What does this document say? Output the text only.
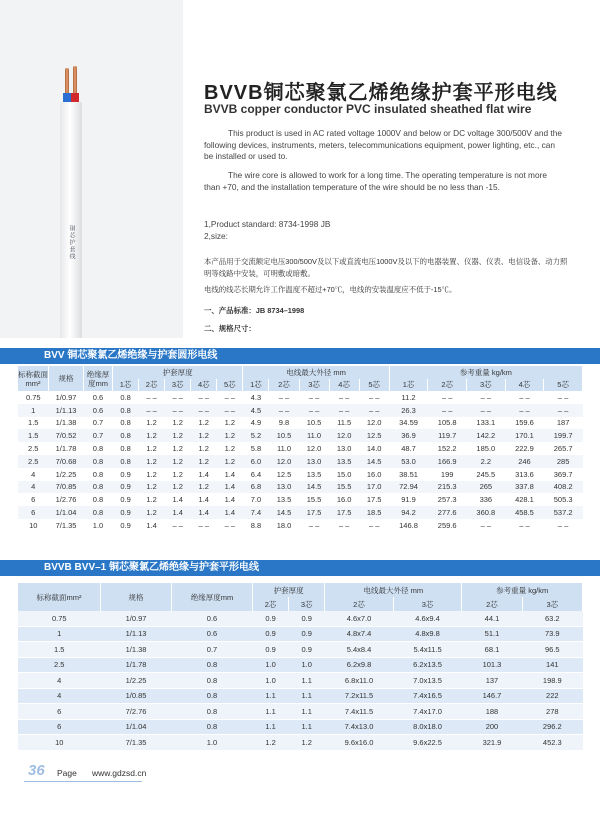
铜芯护套线
BVVB铜芯聚氯乙烯绝缘护套平形电线
BVVB copper conductor PVC insulated sheathed flat wire
This product is used in AC rated voltage 1000V and below or DC voltage 300/500V and the following devices, instruments, meters, telecommunications equipment, power lighting, etc., can be installed or used to.
The wire core is allowed to work for a long time. The operating temperature is not more than +70, and the installation temperature of the wire should be no less than -15.
1,Product standard: 8734-1998 JB
2,size:
本产品用于交流额定电压300/500V及以下或直流电压1000V及以下的电器装置、仪器、仪表、电信设备、动力照明等线路中安装，可明敷或暗敷。
电线的线芯长期允许工作温度不超过+70℃，电线的安装温度应不低于-15℃。
一、产品标准：JB 8734–1998
二、规格尺寸：
BVV 铜芯聚氯乙烯绝缘与护套圆形电线
标称截面mm²	规格	绝缘厚度mm	护套厚度					电线最大外径 mm					参考重量 kg/km				
			1芯	2芯	3芯	4芯	5芯	1芯	2芯	3芯	4芯	5芯	1芯	2芯	3芯	4芯	5芯
0.75	1/0.97	0.6	0.8	– –	– –	– –	– –	4.3	– –	– –	– –	– –	11.2	– –	– –	– –	– –
1	1/1.13	0.6	0.8	– –	– –	– –	– –	4.5	– –	– –	– –	– –	26.3	– –	– –	– –	– –
1.5	1/1.38	0.7	0.8	1.2	1.2	1.2	1.2	4.9	9.8	10.5	11.5	12.0	34.59	105.8	133.1	159.6	187
1.5	7/0.52	0.7	0.8	1.2	1.2	1.2	1.2	5.2	10.5	11.0	12.0	12.5	36.9	119.7	142.2	170.1	199.7
2.5	1/1.78	0.8	0.8	1.2	1.2	1.2	1.2	5.8	11.0	12.0	13.0	14.0	48.7	152.2	185.0	222.9	265.7
2.5	7/0.68	0.8	0.8	1.2	1.2	1.2	1.2	6.0	12.0	13.0	13.5	14.5	53.0	166.9	2.2	246	285
4	1/2.25	0.8	0.9	1.2	1.2	1.4	1.4	6.4	12.5	13.5	15.0	16.0	38.51	199	245.5	313.6	369.7
4	7/0.85	0.8	0.9	1.2	1.2	1.2	1.4	6.8	13.0	14.5	15.5	17.0	72.94	215.3	265	337.8	408.2
6	1/2.76	0.8	0.9	1.2	1.4	1.4	1.4	7.0	13.5	15.5	16.0	17.5	91.9	257.3	336	428.1	505.3
6	1/1.04	0.8	0.9	1.2	1.4	1.4	1.4	7.4	14.5	17.5	17.5	18.5	94.2	277.6	360.8	458.5	537.2
10	7/1.35	1.0	0.9	1.4	– –	– –	– –	8.8	18.0	– –	– –	– –	146.8	259.6	– –	– –	– –
BVVB BVV–1 铜芯聚氯乙烯绝缘与护套平形电线
标称截面mm²	规格	绝缘厚度mm	护套厚度		电线最大外径 mm		参考重量 kg/km	
			2芯	3芯	2芯	3芯	2芯	3芯
0.75	1/0.97	0.6	0.9	0.9	4.6x7.0	4.6x9.4	44.1	63.2
1	1/1.13	0.6	0.9	0.9	4.8x7.4	4.8x9.8	51.1	73.9
1.5	1/1.38	0.7	0.9	0.9	5.4x8.4	5.4x11.5	68.1	96.5
2.5	1/1.78	0.8	1.0	1.0	6.2x9.8	6.2x13.5	101.3	141
4	1/2.25	0.8	1.0	1.1	6.8x11.0	7.0x13.5	137	198.9
4	1/0.85	0.8	1.1	1.1	7.2x11.5	7.4x16.5	146.7	222
6	7/2.76	0.8	1.1	1.1	7.4x11.5	7.4x17.0	188	278
6	1/1.04	0.8	1.1	1.1	7.4x13.0	8.0x18.0	200	296.2
10	7/1.35	1.0	1.2	1.2	9.6x16.0	9.6x22.5	321.9	452.3
36 Page www.gdzsd.cn
